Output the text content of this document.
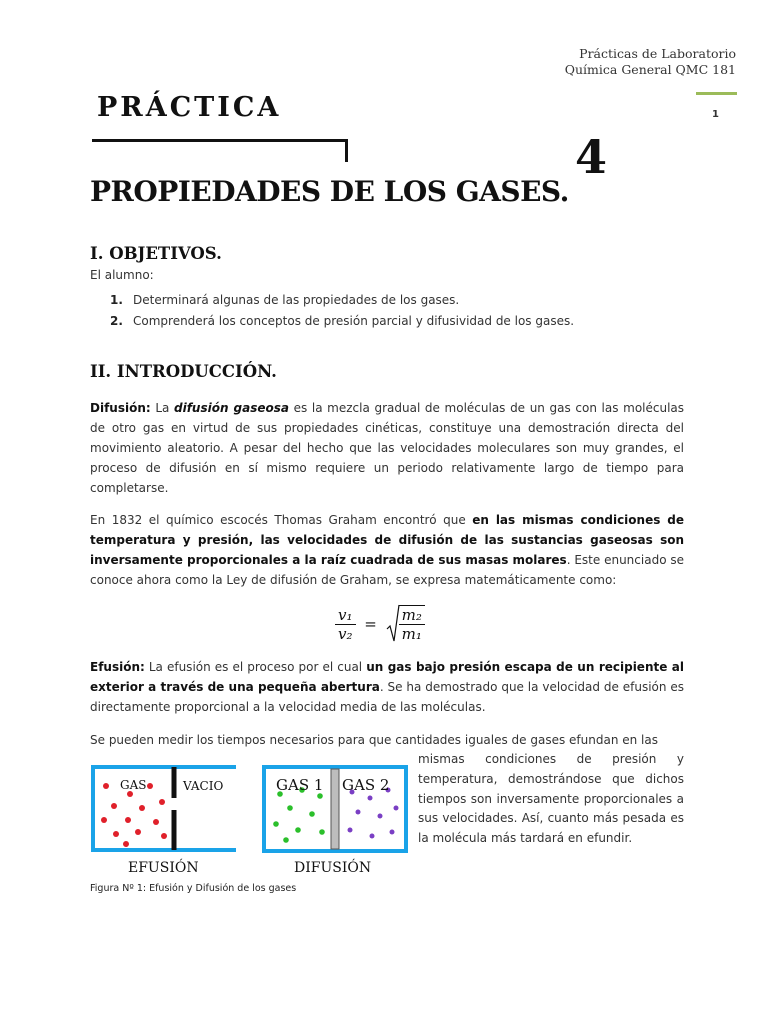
Prácticas de Laboratorio
Química General QMC 181
1
PRÁCTICA
4
PROPIEDADES DE LOS GASES.
I. OBJETIVOS.
El alumno:
1. Determinará algunas de las propiedades de los gases.
2. Comprenderá los conceptos de presión parcial y difusividad de los gases.
II. INTRODUCCIÓN.
Difusión: La difusión gaseosa es la mezcla gradual de moléculas de un gas con las moléculas de otro gas en virtud de sus propiedades cinéticas, constituye una demostración directa del movimiento aleatorio. A pesar del hecho que las velocidades moleculares son muy grandes, el proceso de difusión en sí mismo requiere un periodo relativamente largo de tiempo para completarse.
En 1832 el químico escocés Thomas Graham encontró que en las mismas condiciones de temperatura y presión, las velocidades de difusión de las sustancias gaseosas son inversamente proporcionales a la raíz cuadrada de sus masas molares. Este enunciado se conoce ahora como la Ley de difusión de Graham, se expresa matemáticamente como:
$\frac{\text{v₁}}{\text{v₂}} = \frac{\text{m₂}}{\text{m₁}}$
Efusión: La efusión es el proceso por el cual un gas bajo presión escapa de un recipiente al exterior a través de una pequeña abertura. Se ha demostrado que la velocidad de efusión es directamente proporcional a la velocidad media de las moléculas.
Se pueden medir los tiempos necesarios para que cantidades iguales de gases efundan en las
mismas condiciones de presión y temperatura, demostrándose que dichos tiempos son inversamente proporcionales a sus velocidades. Así, cuanto más pesada es la molécula más tardará en efundir.
GAS	VACIO
EFUSIÓN
GAS 1 GAS 2
DIFUSIÓN
Figura Nº 1: Efusión y Difusión de los gases
